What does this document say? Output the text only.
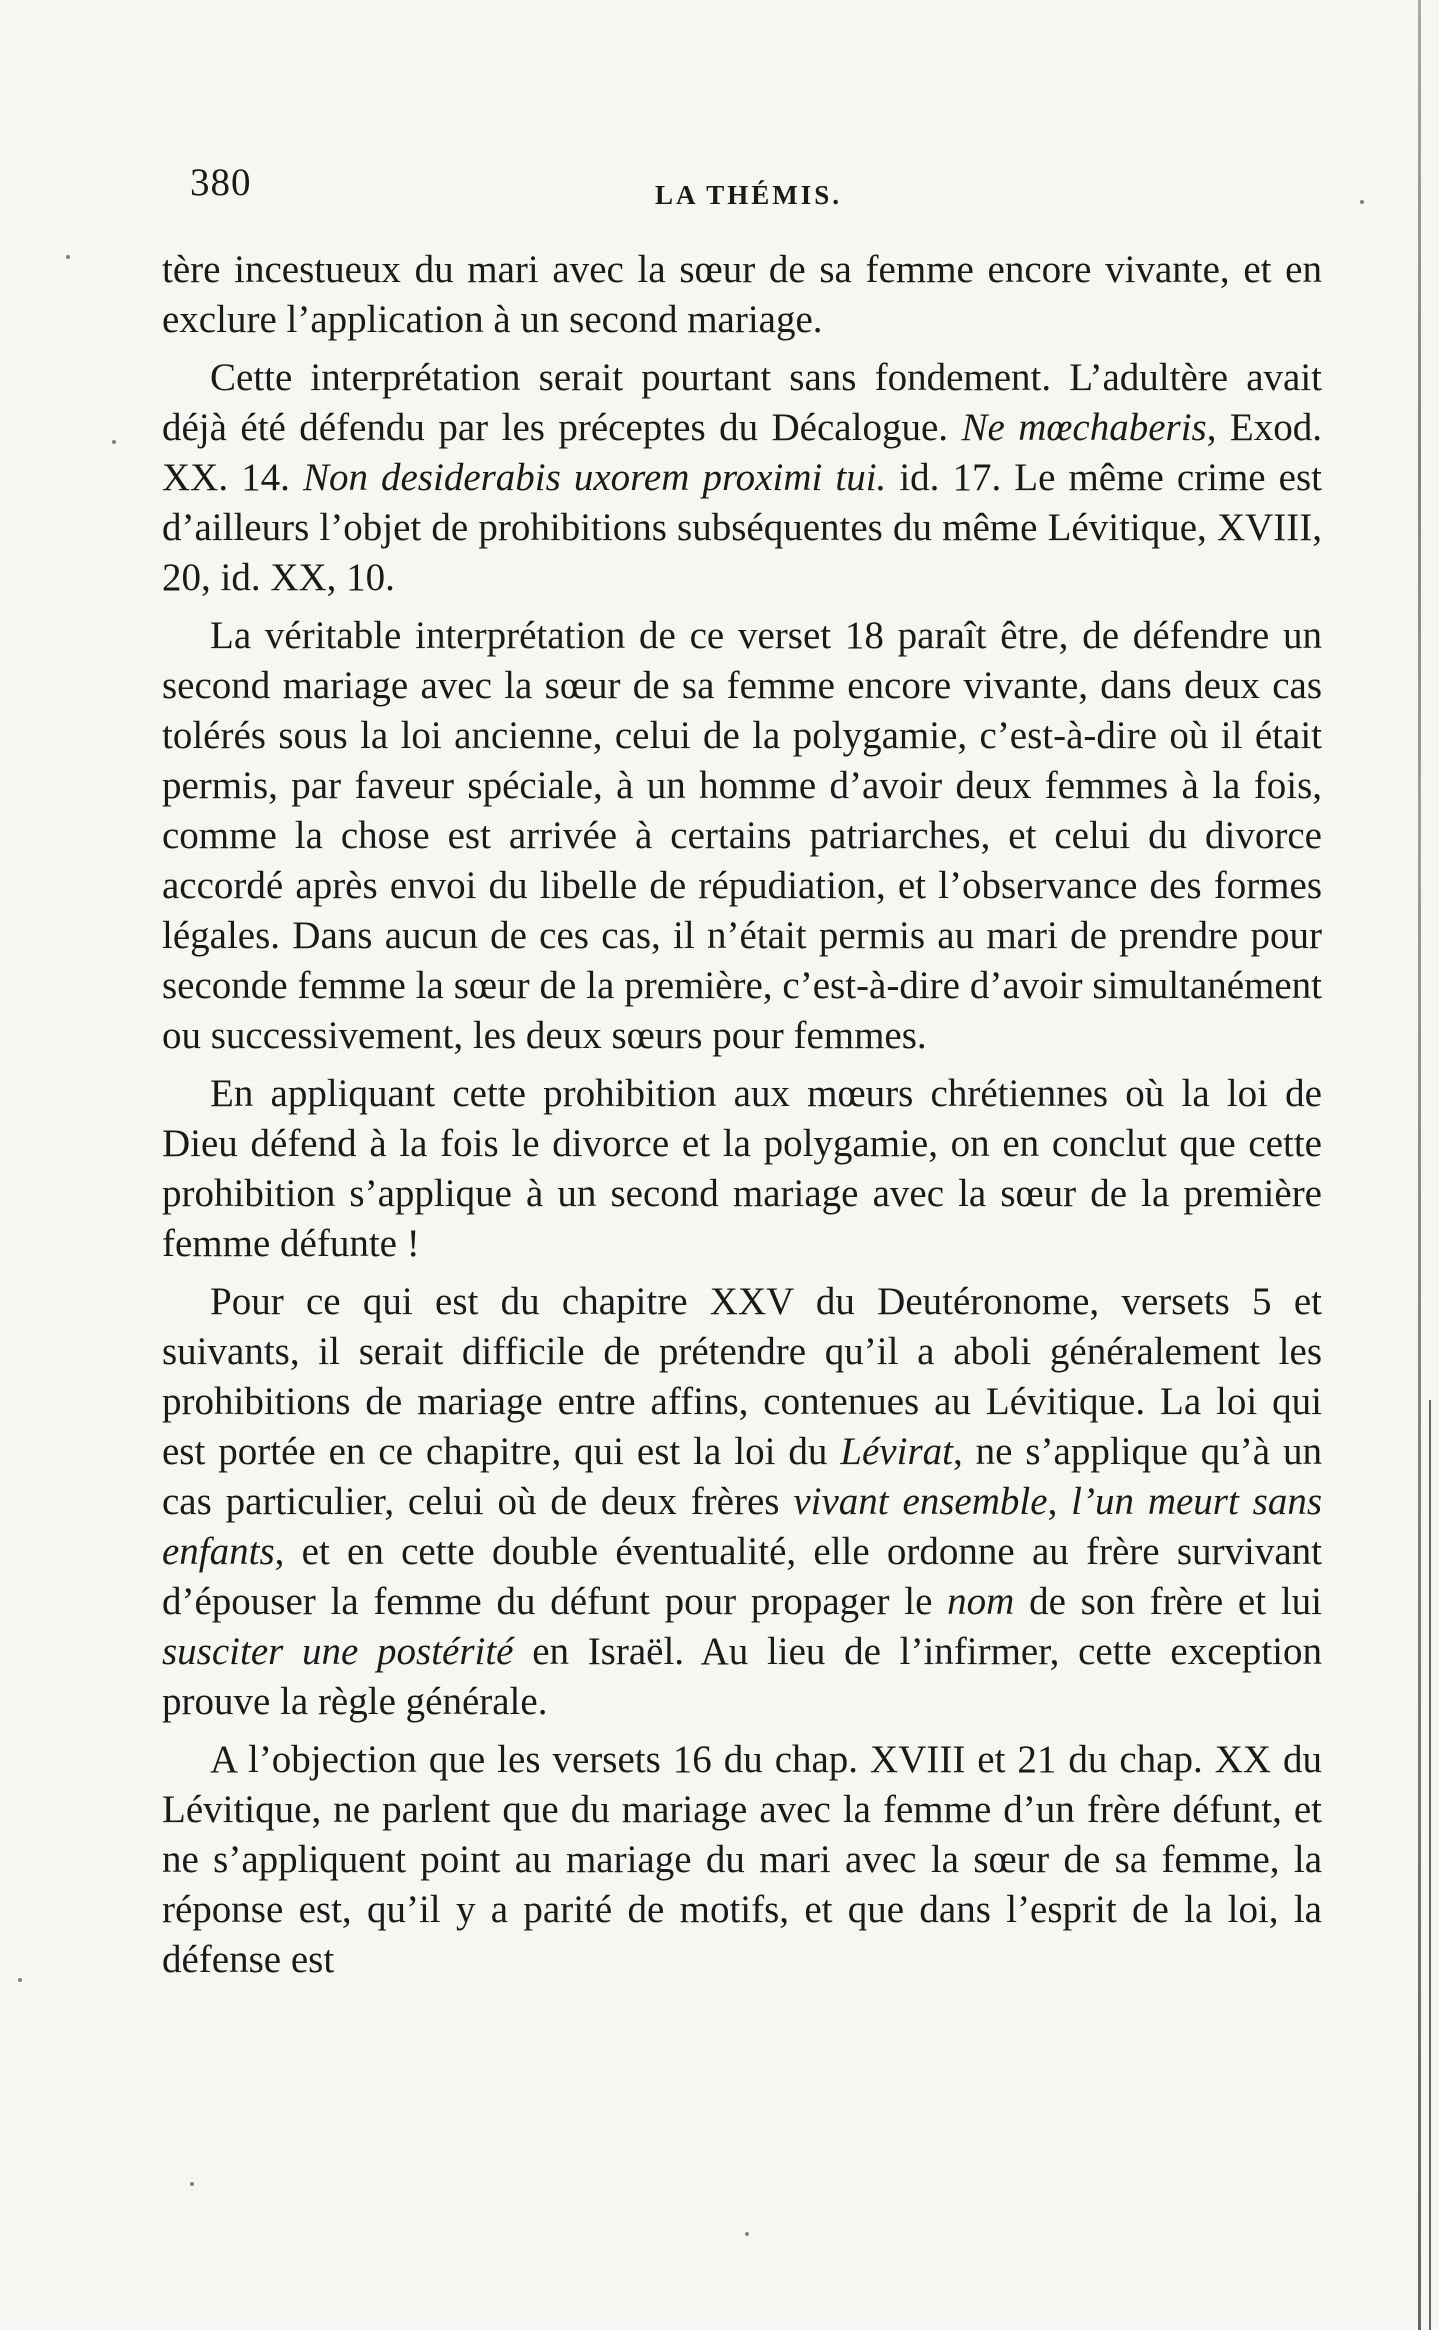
380	LA THÉMIS.

tère incestueux du mari avec la sœur de sa femme encore vivante, et en exclure l’application à un second mariage.

Cette interprétation serait pourtant sans fondement. L’adultère avait déjà été défendu par les préceptes du Décalogue. Ne mœchaberis, Exod. XX. 14. Non desiderabis uxorem proximi tui. id. 17. Le même crime est d’ailleurs l’objet de prohibitions subséquentes du même Lévitique, XVIII, 20, id. XX, 10.

La véritable interprétation de ce verset 18 paraît être, de défendre un second mariage avec la sœur de sa femme encore vivante, dans deux cas tolérés sous la loi ancienne, celui de la polygamie, c’est-à-dire où il était permis, par faveur spéciale, à un homme d’avoir deux femmes à la fois, comme la chose est arrivée à certains patriarches, et celui du divorce accordé après envoi du libelle de répudiation, et l’observance des formes légales. Dans aucun de ces cas, il n’était permis au mari de prendre pour seconde femme la sœur de la première, c’est-à-dire d’avoir simultanément ou successivement, les deux sœurs pour femmes.

En appliquant cette prohibition aux mœurs chrétiennes où la loi de Dieu défend à la fois le divorce et la polygamie, on en conclut que cette prohibition s’applique à un second mariage avec la sœur de la première femme défunte !

Pour ce qui est du chapitre XXV du Deutéronome, versets 5 et suivants, il serait difficile de prétendre qu’il a aboli généralement les prohibitions de mariage entre affins, contenues au Lévitique. La loi qui est portée en ce chapitre, qui est la loi du Lévirat, ne s’applique qu’à un cas particulier, celui où de deux frères vivant ensemble, l’un meurt sans enfants, et en cette double éventualité, elle ordonne au frère survivant d’épouser la femme du défunt pour propager le nom de son frère et lui susciter une postérité en Israël. Au lieu de l’infirmer, cette exception prouve la règle générale.

A l’objection que les versets 16 du chap. XVIII et 21 du chap. XX du Lévitique, ne parlent que du mariage avec la femme d’un frère défunt, et ne s’appliquent point au mariage du mari avec la sœur de sa femme, la réponse est, qu’il y a parité de motifs, et que dans l’esprit de la loi, la défense est
